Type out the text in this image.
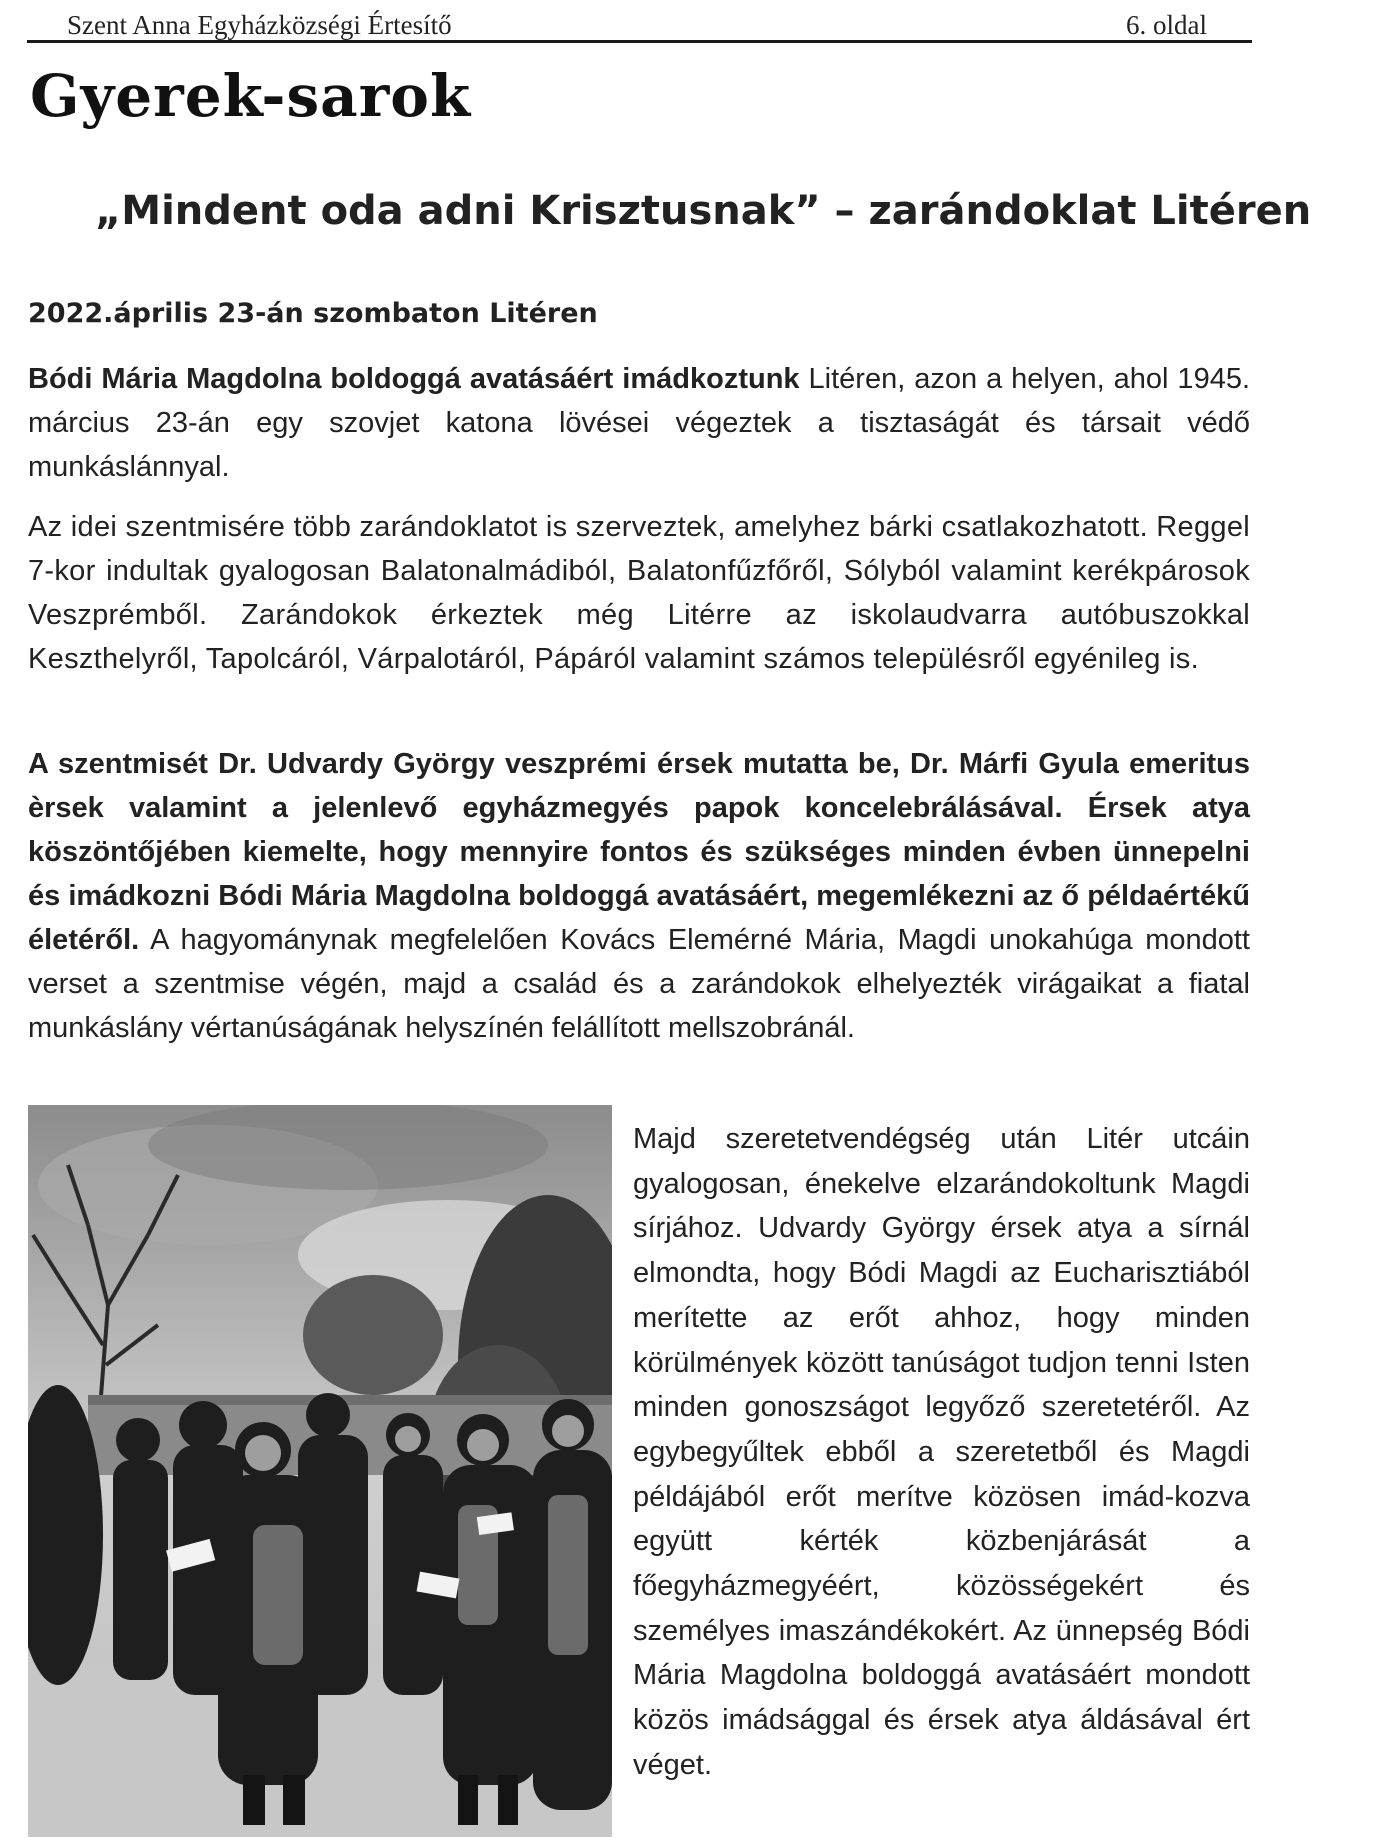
Szent Anna Egyházközségi Értesítő	6. oldal
Gyerek-sarok
„Mindent oda adni Krisztusnak” – zarándoklat Litéren
2022.április 23-án szombaton Litéren
Bódi Mária Magdolna boldoggá avatásáért imádkoztunk Litéren, azon a helyen, ahol 1945. március 23-án egy szovjet katona lövései végeztek a tisztaságát és társait védő munkáslánnyal.
Az idei szentmisére több zarándoklatot is szerveztek, amelyhez bárki csatlakozhatott. Reggel 7-kor indultak gyalogosan Balatonalmádiból, Balatonfűzfőről, Sólyból valamint kerékpárosok Veszprémből. Zarándokok érkeztek még Litérre az iskolaudvarra autóbuszokkal Keszthelyről, Tapolcáról, Várpalotáról, Pápáról valamint számos településről egyénileg is.
A szentmisét Dr. Udvardy György veszprémi érsek mutatta be, Dr. Márfi Gyula emeritus èrsek valamint a jelenlevő egyházmegyés papok koncelebrálásával. Érsek atya köszöntőjében kiemelte, hogy mennyire fontos és szükséges minden évben ünnepelni és imádkozni Bódi Mária Magdolna boldoggá avatásáért, megemlékezni az ő példaértékű életéről. A hagyománynak megfelelően Kovács Elemérné Mária, Magdi unokahúga mondott verset a szentmise végén, majd a család és a zarándokok elhelyezték virágaikat a fiatal munkáslány vértanúságának helyszínén felállított mellszobránál.
Majd szeretetvendégség után Litér utcáin gyalogosan, énekelve elzarándokoltunk Magdi sírjához. Udvardy György érsek atya a sírnál elmondta, hogy Bódi Magdi az Eucharisztiából merítette az erőt ahhoz, hogy minden körülmények között tanúságot tudjon tenni Isten minden gonoszságot legyőző szeretetéről. Az egybegyűltek ebből a szeretetből és Magdi példájából erőt merítve közösen imád-kozva együtt kérték közbenjárását a főegyházmegyéért, közösségekért és személyes imaszándékokért. Az ünnepség Bódi Mária Magdolna boldoggá avatásáért mondott közös imádsággal és érsek atya áldásával ért véget.
